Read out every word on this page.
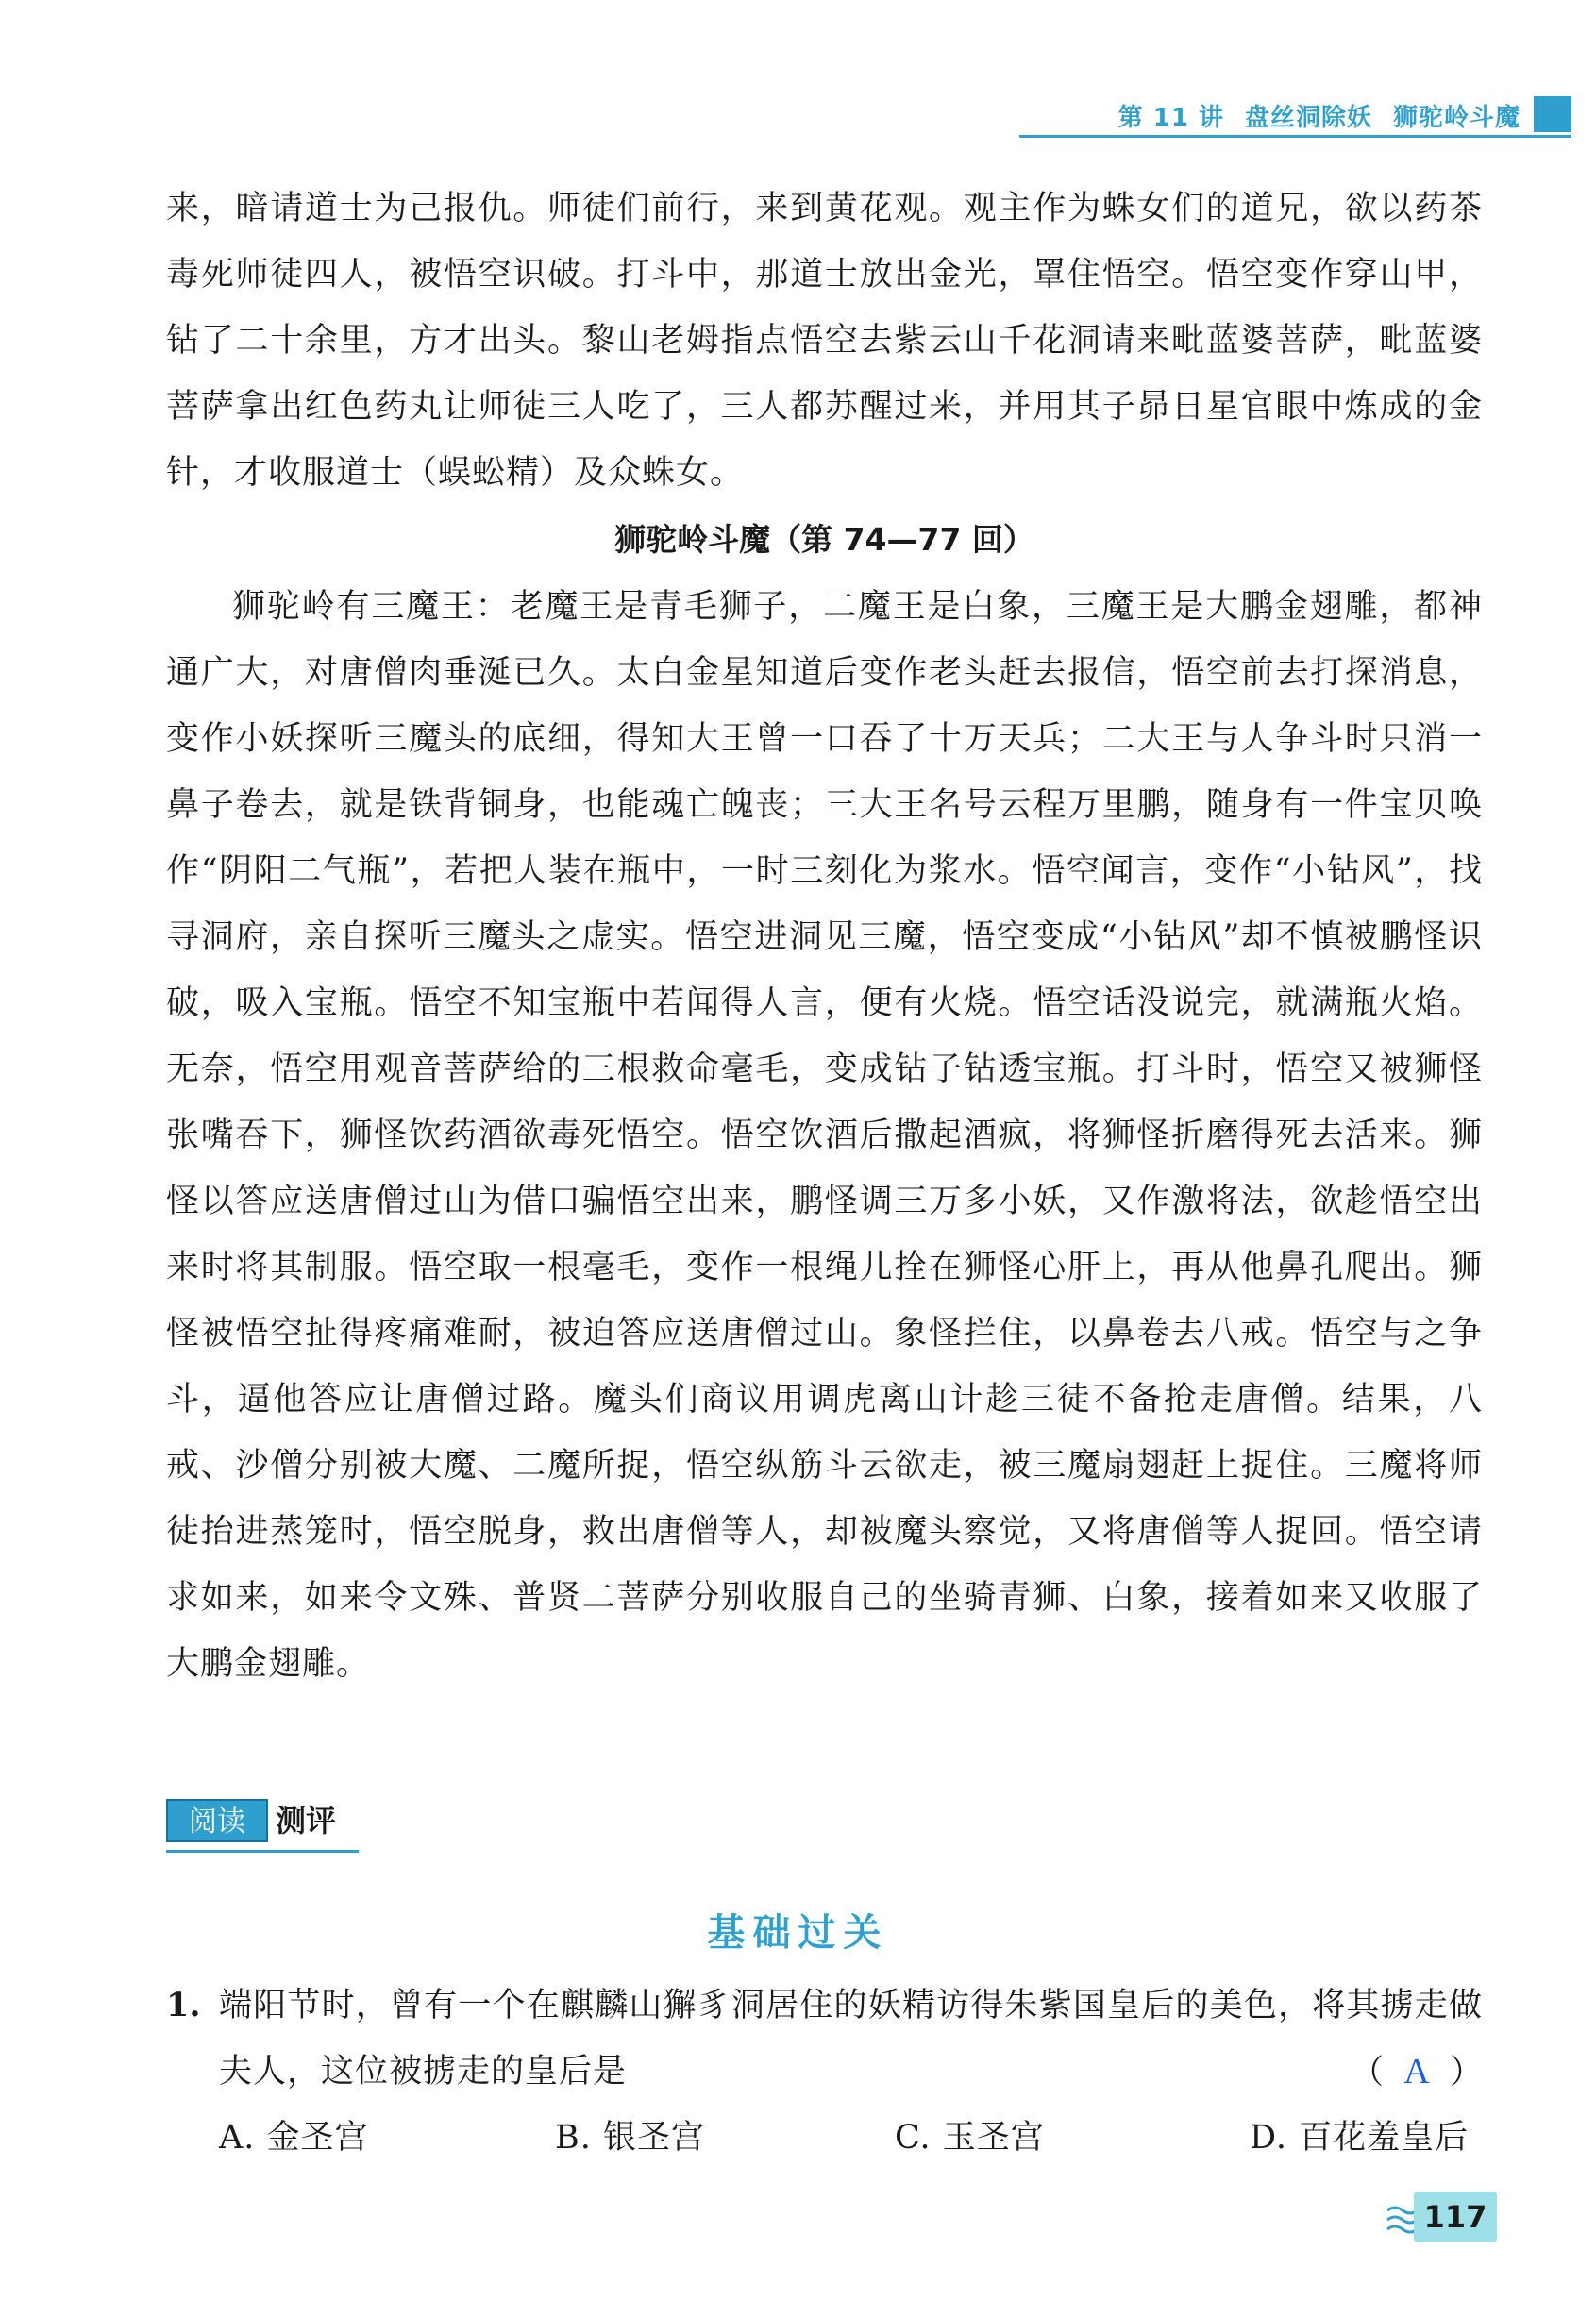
第 11 讲 盘丝洞除妖 狮驼岭斗魔

来，暗请道士为己报仇。师徒们前行，来到黄花观。观主作为蛛女们的道兄，欲以药茶毒死师徒四人，被悟空识破。打斗中，那道士放出金光，罩住悟空。悟空变作穿山甲，钻了二十余里，方才出头。黎山老姆指点悟空去紫云山千花洞请来毗蓝婆菩萨，毗蓝婆菩萨拿出红色药丸让师徒三人吃了，三人都苏醒过来，并用其子昴日星官眼中炼成的金针，才收服道士（蜈蚣精）及众蛛女。

狮驼岭斗魔（第 74—77 回）

狮驼岭有三魔王：老魔王是青毛狮子，二魔王是白象，三魔王是大鹏金翅雕，都神通广大，对唐僧肉垂涎已久。太白金星知道后变作老头赶去报信，悟空前去打探消息，变作小妖探听三魔头的底细，得知大王曾一口吞了十万天兵；二大王与人争斗时只消一鼻子卷去，就是铁背铜身，也能魂亡魄丧；三大王名号云程万里鹏，随身有一件宝贝唤作“阴阳二气瓶”，若把人装在瓶中，一时三刻化为浆水。悟空闻言，变作“小钻风”，找寻洞府，亲自探听三魔头之虚实。悟空进洞见三魔，悟空变成“小钻风”却不慎被鹏怪识破，吸入宝瓶。悟空不知宝瓶中若闻得人言，便有火烧。悟空话没说完，就满瓶火焰。无奈，悟空用观音菩萨给的三根救命毫毛，变成钻子钻透宝瓶。打斗时，悟空又被狮怪张嘴吞下，狮怪饮药酒欲毒死悟空。悟空饮酒后撒起酒疯，将狮怪折磨得死去活来。狮怪以答应送唐僧过山为借口骗悟空出来，鹏怪调三万多小妖，又作激将法，欲趁悟空出来时将其制服。悟空取一根毫毛，变作一根绳儿拴在狮怪心肝上，再从他鼻孔爬出。狮怪被悟空扯得疼痛难耐，被迫答应送唐僧过山。象怪拦住，以鼻卷去八戒。悟空与之争斗，逼他答应让唐僧过路。魔头们商议用调虎离山计趁三徒不备抢走唐僧。结果，八戒、沙僧分别被大魔、二魔所捉，悟空纵筋斗云欲走，被三魔扇翅赶上捉住。三魔将师徒抬进蒸笼时，悟空脱身，救出唐僧等人，却被魔头察觉，又将唐僧等人捉回。悟空请求如来，如来令文殊、普贤二菩萨分别收服自己的坐骑青狮、白象，接着如来又收服了大鹏金翅雕。

阅读	测评
基础过关
1. 端阳节时，曾有一个在麒麟山獬豸洞居住的妖精访得朱紫国皇后的美色，将其掳走做夫人，这位被掳走的皇后是	（ A ）
A. 金圣宫	B. 银圣宫	C. 玉圣宫	D. 百花羞皇后
117
